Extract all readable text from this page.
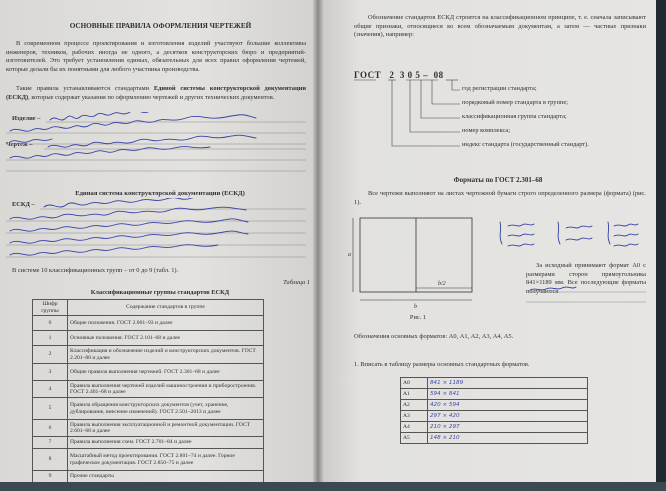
ОСНОВНЫЕ ПРАВИЛА ОФОРМЛЕНИЯ ЧЕРТЕЖЕЙ
В современном процессе проектирования и изготовления изделий участвуют большие коллективы инженеров, техников, рабочих иногда не одного, а десятков конструкторских бюро и предприятий-изготовителей. Это требует установления единых, обязательных для всех правил оформления чертежей, которые делали бы их понятными для любого участника производства.
Такие правила устанавливаются стандартами Единой системы конструкторской документации (ЕСКД), которые содержат указания по оформлению чертежей и других технических документов.
Изделие –
Чертеж –
Единая система конструкторской документации (ЕСКД)
ЕСКД –
В системе 10 классификационных групп – от 0 до 9 (табл. 1).
Таблица 1
Классификационные группы стандартов ЕСКД
Шифр группы	Содержание стандартов в группе
0	Общие положения. ГОСТ 2.001–93 и далее
1	Основные положения. ГОСТ 2.101–68 и далее
2	Классификация и обозначение изделий и конструкторских документов. ГОСТ 2.201–80 и далее
3	Общие правила выполнения чертежей. ГОСТ 2.301–68 и далее
4	Правила выполнения чертежей изделий машиностроения и приборостроения. ГОСТ 2.401–68 и далее
5	Правила обращения конструкторских документов (учет, хранение, дублирование, внесение изменений). ГОСТ 2.501–2013 и далее
6	Правила выполнения эксплуатационной и ремонтной документации. ГОСТ 2.601–68 и далее
7	Правила выполнения схем. ГОСТ 2.701–84 и далее
8	Масштабный метод проектирования. ГОСТ 2.801–74 и далее. Горное графическое документация. ГОСТ 2.850–75 и далее
9	Прочие стандарты
Обозначение стандартов ЕСКД строится на классификационном принципе, т. е. сначала записывают общие признаки, относящиеся ко всем обозначаемым документам, а затем — частные признаки (значения), например:
ГОСТ 2 3 0 5 – 08
год регистрации стандарта;
порядковый номер стандарта в группе;
классификационная группа стандарта;
номер комплекса;
индекс стандарта (государственный стандарт).
Форматы по ГОСТ 2.301–68
Все чертежи выполняют на листах чертежной бумаги строго определенного размера (формата) (рис. 1).
a
b
b/2
Рис. 1
За исходный принимают формат А0 с размерами сторон прямоугольника 841×1189 мм. Все последующие форматы получаются
Обозначения основных форматов: А0, А1, А2, А3, А4, А5.
1. Вписать в таблицу размеры основных стандартных форматов.
А0	841 × 1189
А1	594 × 841
А2	420 × 594
А3	297 × 420
А4	210 × 297
А5	148 × 210
